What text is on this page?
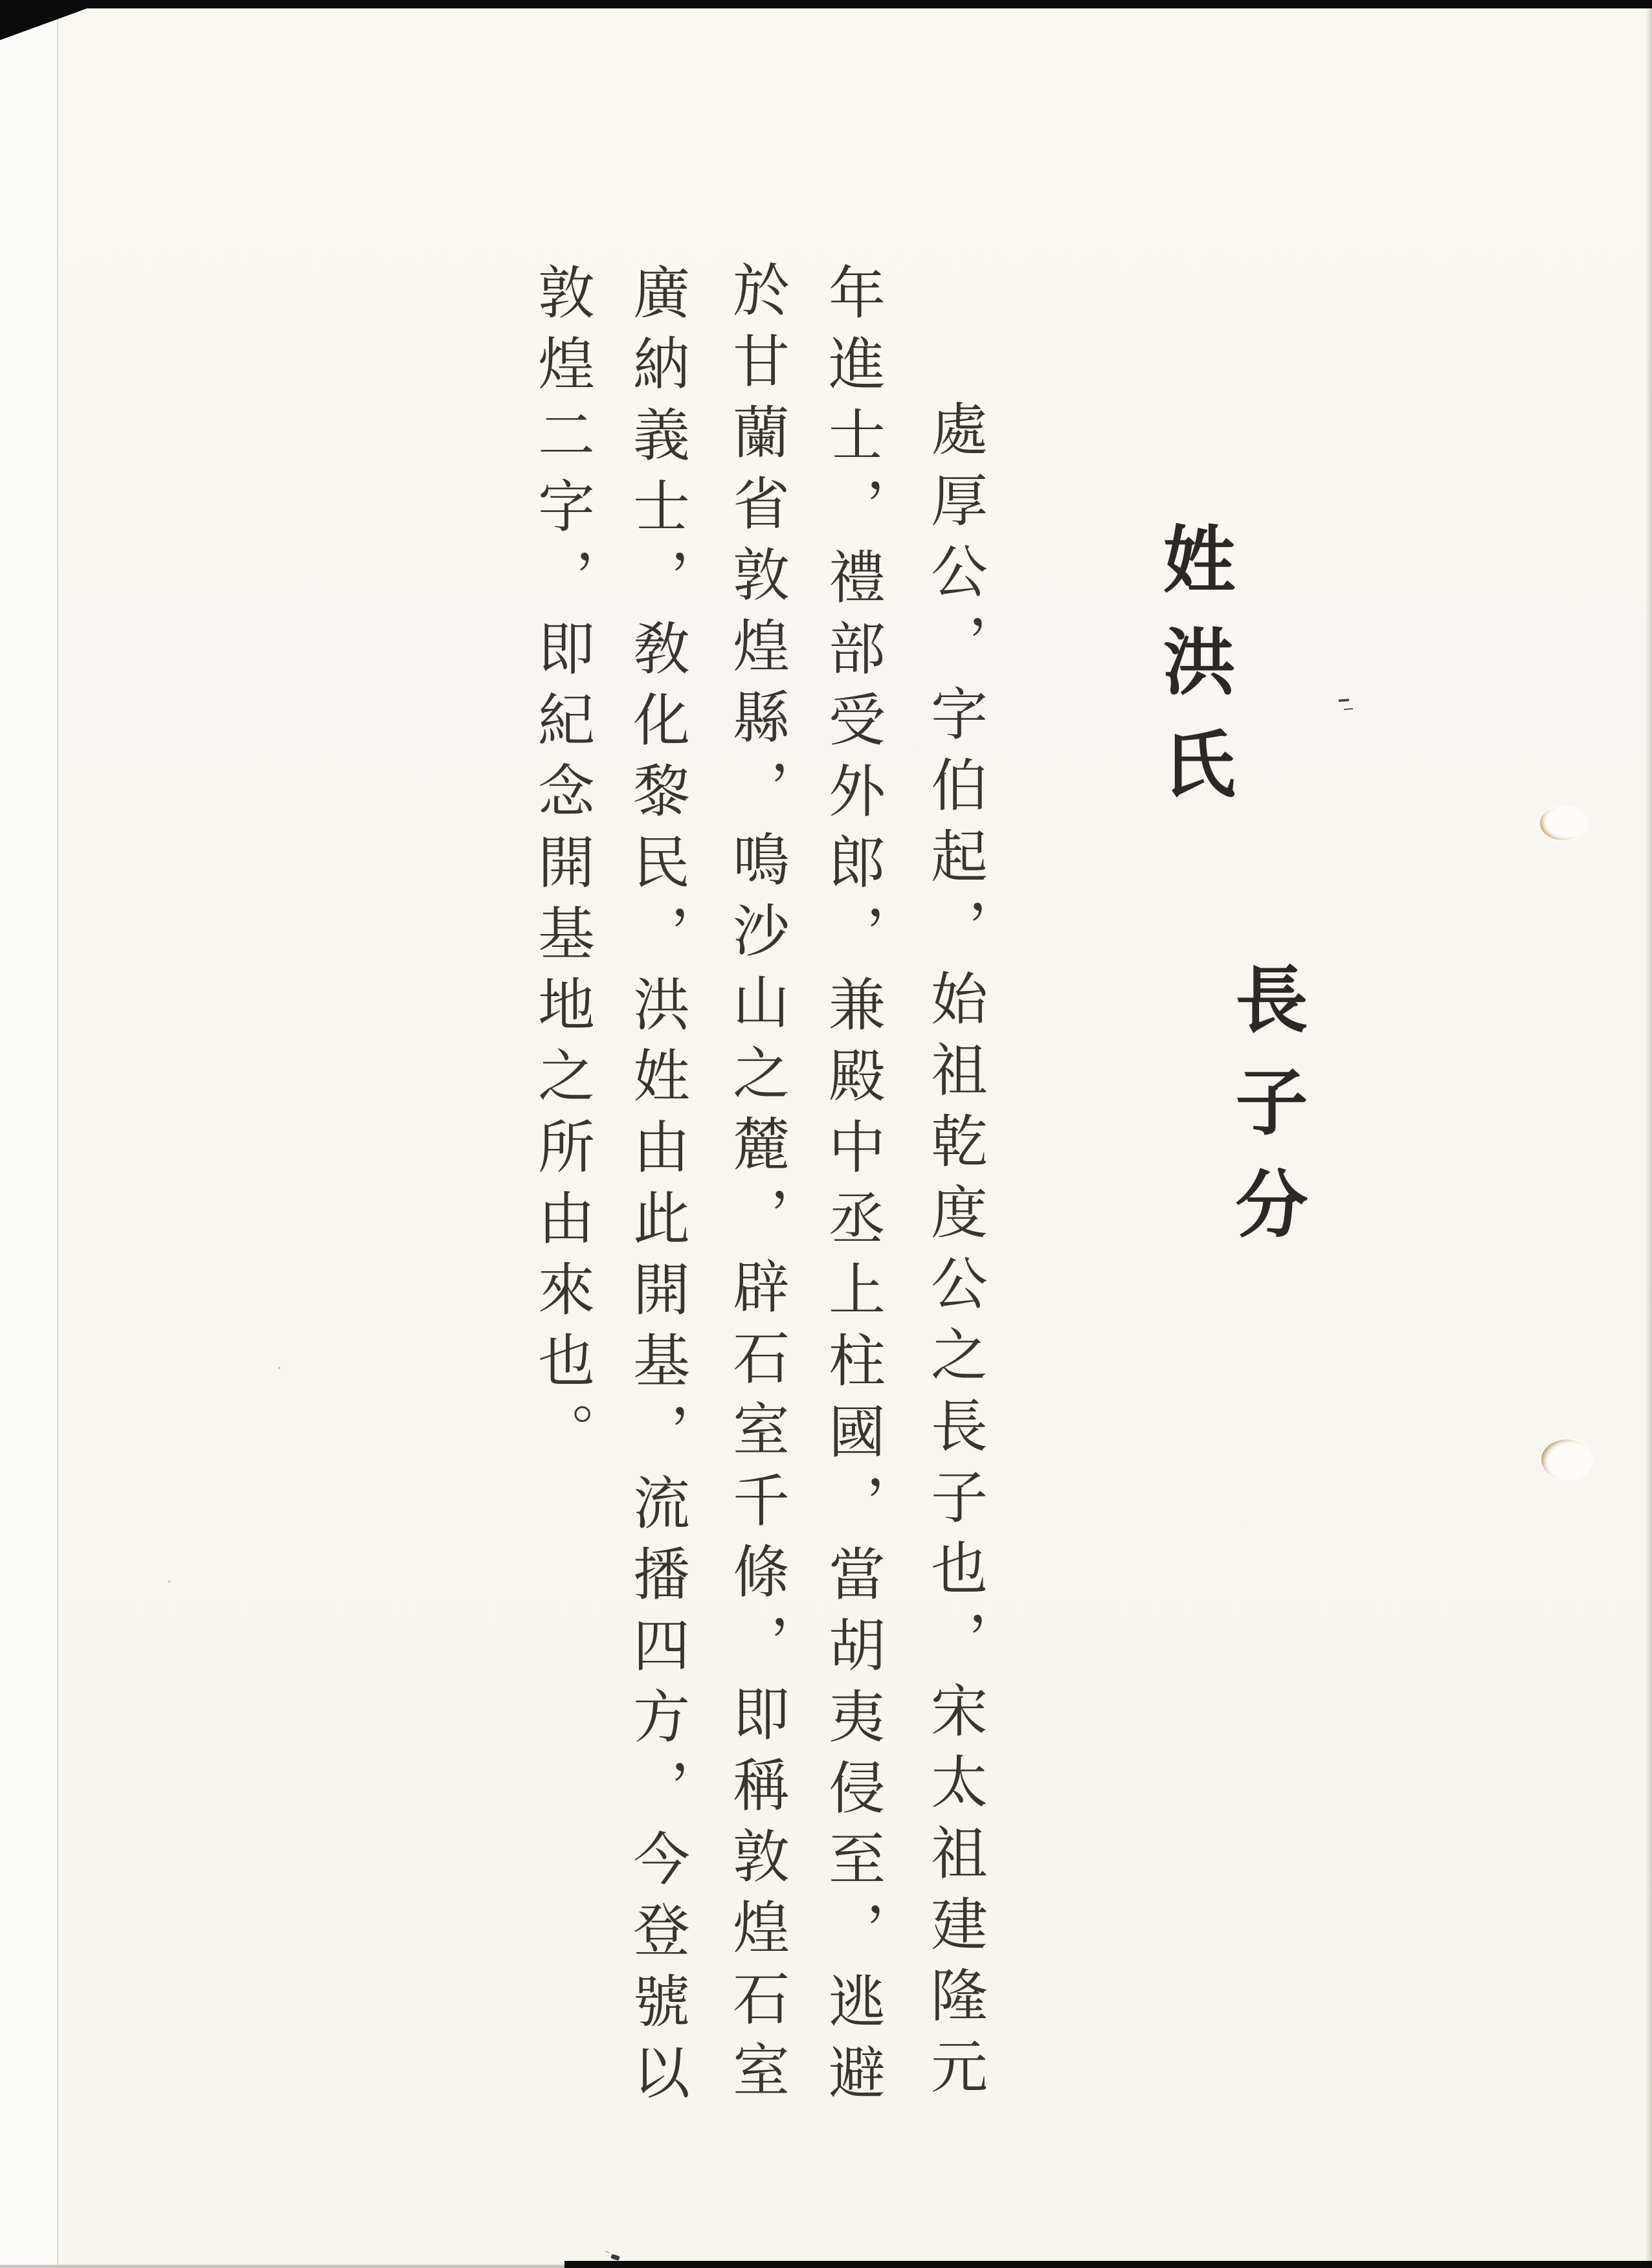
長子分
姓洪氏

處厚公，字伯起，始祖乾度公之長子也，宋太祖建隆元
年進士，禮部受外郎，兼殿中丞上柱國，當胡夷侵至，逃避
於甘蘭省敦煌縣，鳴沙山之麓，辟石室千條，即稱敦煌石室
廣納義士，敎化黎民，洪姓由此開基，流播四方，今登號以
敦煌二字，即紀念開基地之所由來也。
